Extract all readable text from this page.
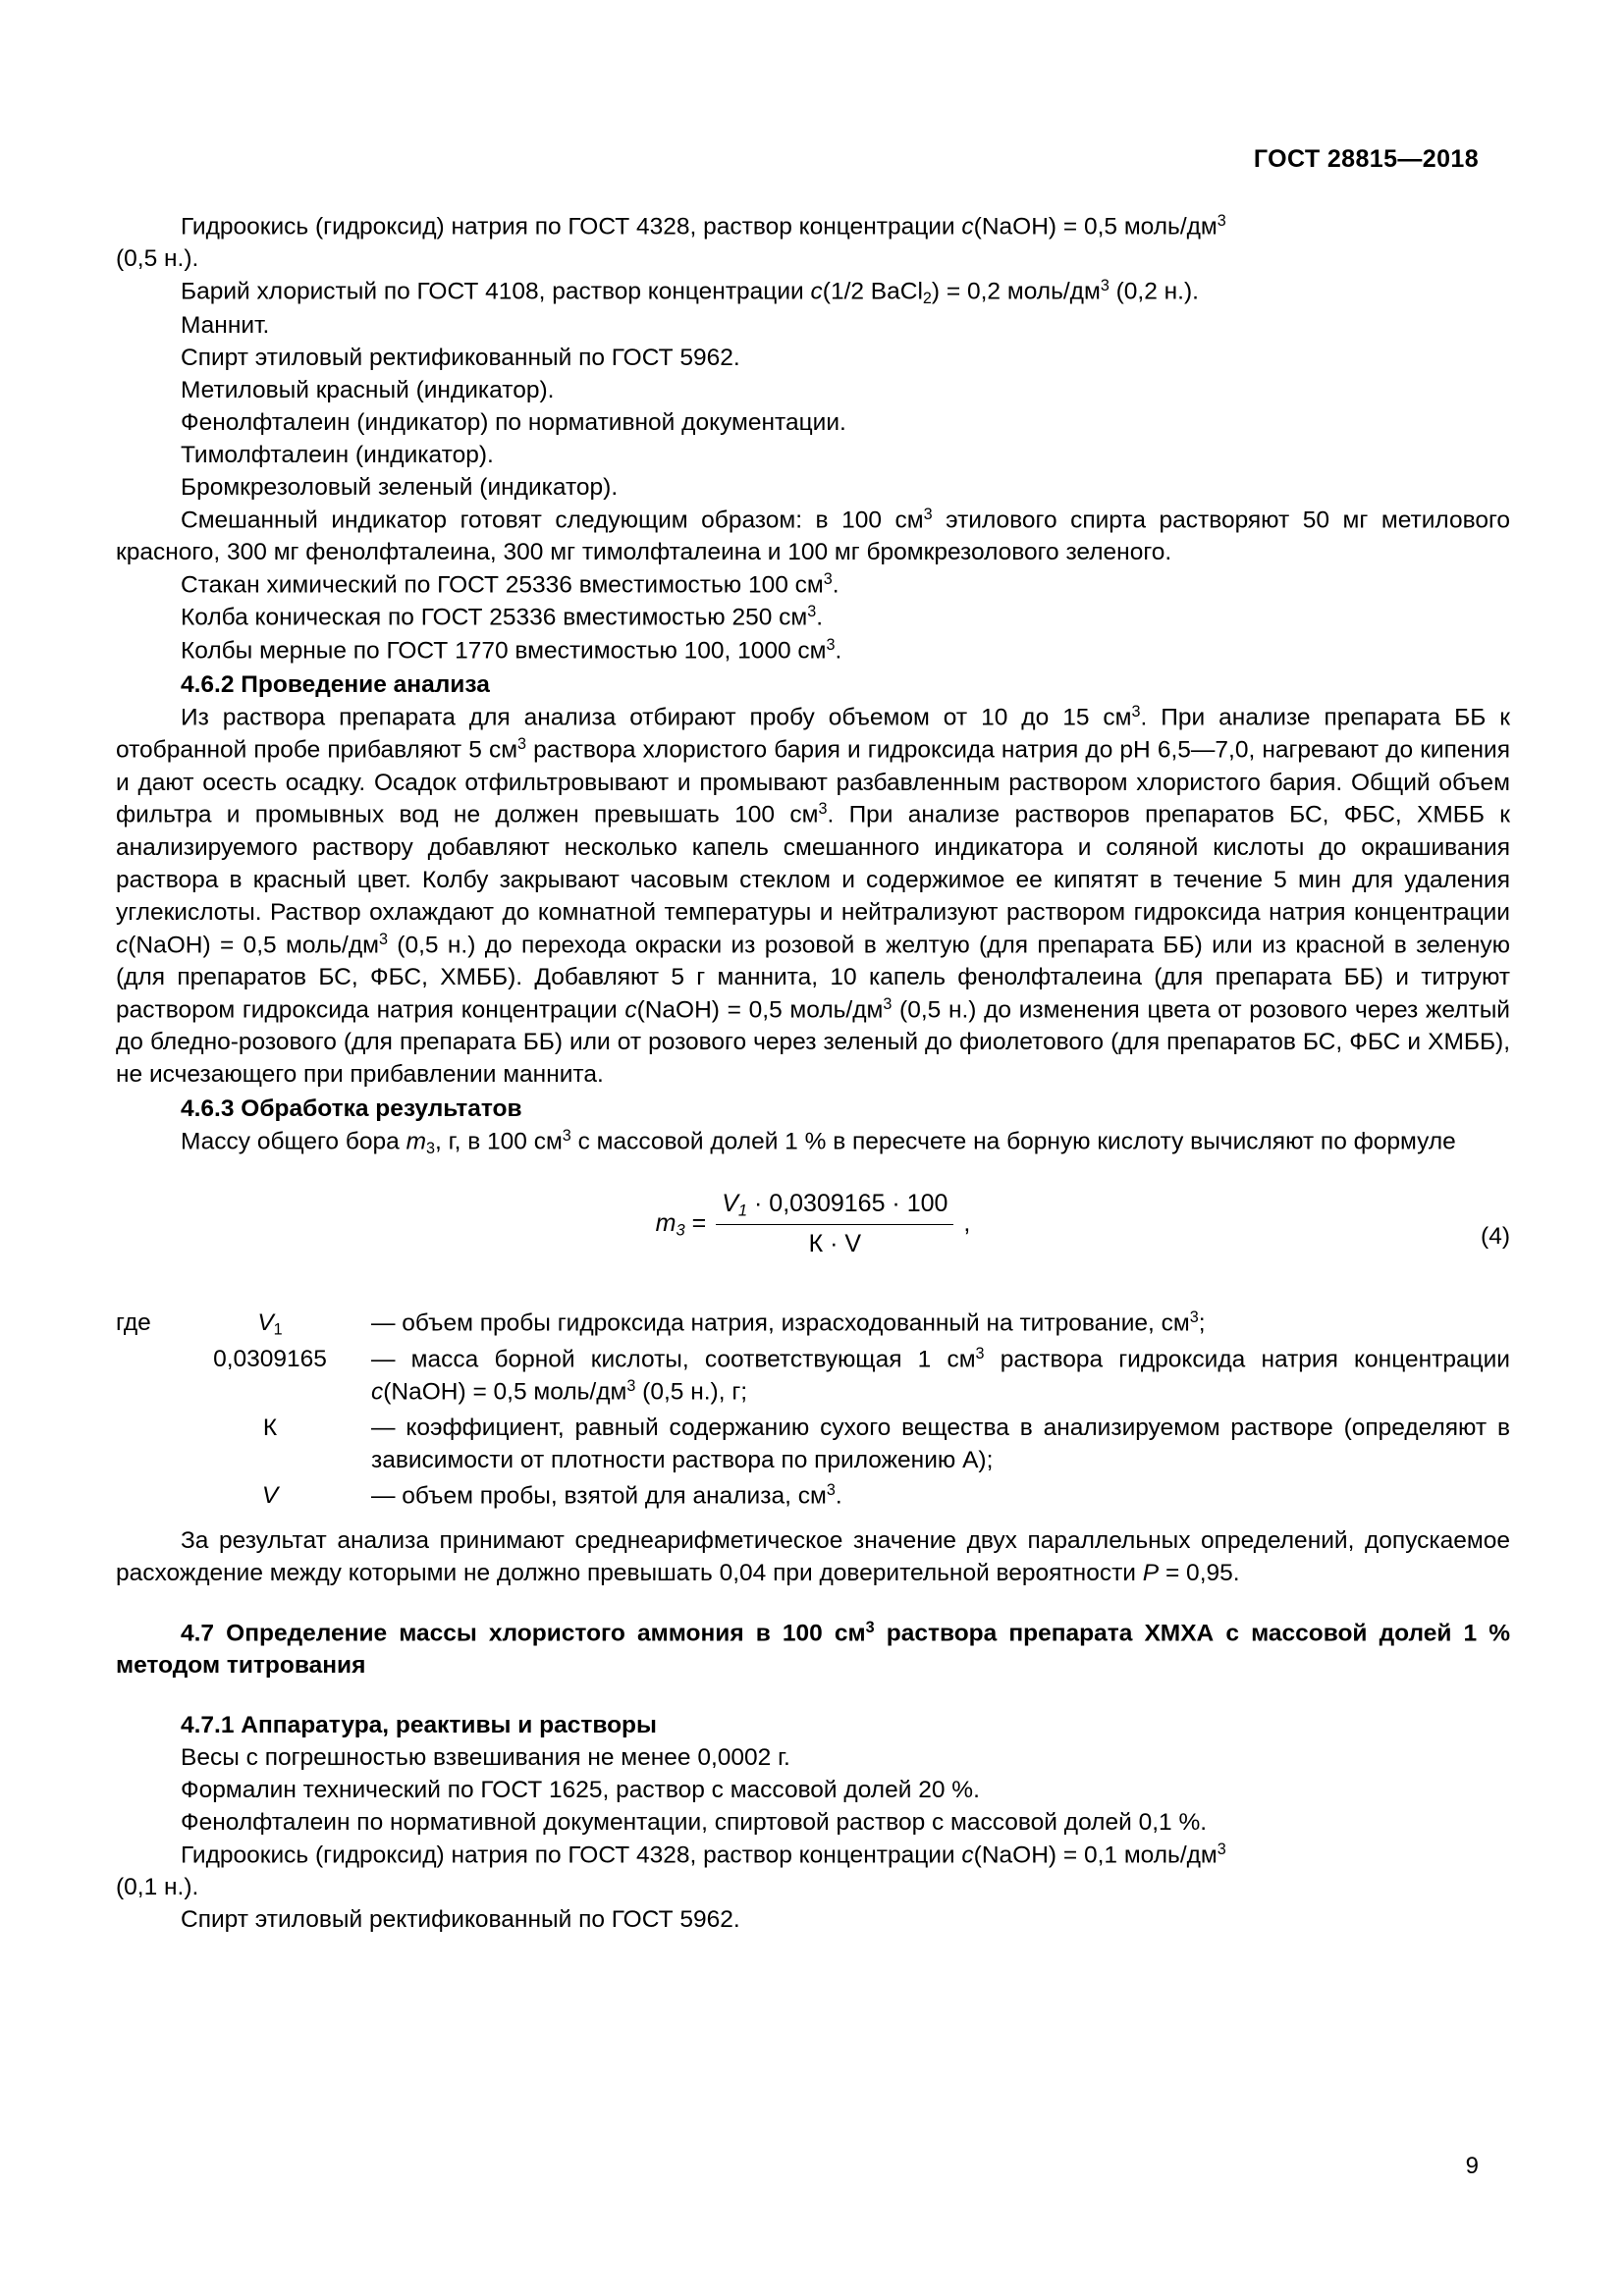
ГОСТ 28815—2018

Гидроокись (гидроксид) натрия по ГОСТ 4328, раствор концентрации c(NaOH) = 0,5 моль/$дм^3$

(0,5 н.).

Барий хлористый по ГОСТ 4108, раствор концентрации c(1/2 BaCl$_2$) = 0,2 моль/$дм^3$ (0,2 н.).

Маннит.

Спирт этиловый ректификованный по ГОСТ 5962.

Метиловый красный (индикатор).

Фенолфталеин (индикатор) по нормативной документации.

Тимолфталеин (индикатор).

Бромкрезоловый зеленый (индикатор).

Смешанный индикатор готовят следующим образом: в 100 $см^3$ этилового спирта растворяют 50 мг метилового красного, 300 мг фенолфталеина, 300 мг тимолфталеина и 100 мг бромкрезолового зеленого.

Стакан химический по ГОСТ 25336 вместимостью 100 $см^3$.

Колба коническая по ГОСТ 25336 вместимостью 250 $см^3$.

Колбы мерные по ГОСТ 1770 вместимостью 100, 1000 $см^3$.

4.6.2 Проведение анализа

Из раствора препарата для анализа отбирают пробу объемом от 10 до 15 $см^3$. При анализе препарата ББ к отобранной пробе прибавляют 5 $см^3$ раствора хлористого бария и гидроксида натрия до рН 6,5—7,0, нагревают до кипения и дают осесть осадку. Осадок отфильтровывают и промывают разбавленным раствором хлористого бария. Общий объем фильтра и промывных вод не должен превышать 100 $см^3$. При анализе растворов препаратов БС, ФБС, ХМББ к анализируемого раствору добавляют несколько капель смешанного индикатора и соляной кислоты до окрашивания раствора в красный цвет. Колбу закрывают часовым стеклом и содержимое ее кипятят в течение 5 мин для удаления углекислоты. Раствор охлаждают до комнатной температуры и нейтрализуют раствором гидроксида натрия концентрации c(NaOH) = 0,5 моль/$дм^3$ (0,5 н.) до перехода окраски из розовой в желтую (для препарата ББ) или из красной в зеленую (для препаратов БС, ФБС, ХМББ). Добавляют 5 г маннита, 10 капель фенолфталеина (для препарата ББ) и титруют раствором гидроксида натрия концентрации c(NaOH) = 0,5 моль/$дм^3$ (0,5 н.) до изменения цвета от розового через желтый до бледно-розового (для препарата ББ) или от розового через зеленый до фиолетового (для препаратов БС, ФБС и ХМББ), не исчезающего при прибавлении маннита.

4.6.3 Обработка результатов

Массу общего бора $m_3$, г, в 100 $см^3$ с массовой долей 1 % в пересчете на борную кислоту вычисляют по формуле

$m_3 = \frac{V_1 \cdot 0,0309165 \cdot 100}{К \cdot V}$ ,	(4)
где	$V_1$	— объем пробы гидроксида натрия, израсходованный на титрование, $см^3$;
	0,0309165	— масса борной кислоты, соответствующая 1 $см^3$ раствора гидроксида натрия концентрации c(NaOH) = 0,5 моль/$дм^3$ (0,5 н.), г;
	К	— коэффициент, равный содержанию сухого вещества в анализируемом растворе (определяют в зависимости от плотности раствора по приложению А);
	V	— объем пробы, взятой для анализа, $см^3$.

За результат анализа принимают среднеарифметическое значение двух параллельных определений, допускаемое расхождение между которыми не должно превышать 0,04 при доверительной вероятности P = 0,95.

4.7 Определение массы хлористого аммония в 100 $см^3$ раствора препарата ХМХА с массовой долей 1 % методом титрования

4.7.1 Аппаратура, реактивы и растворы

Весы с погрешностью взвешивания не менее 0,0002 г.

Формалин технический по ГОСТ 1625, раствор с массовой долей 20 %.

Фенолфталеин по нормативной документации, спиртовой раствор с массовой долей 0,1 %.

Гидроокись (гидроксид) натрия по ГОСТ 4328, раствор концентрации c(NaOH) = 0,1 моль/$дм^3$

(0,1 н.).

Спирт этиловый ректификованный по ГОСТ 5962.

9
